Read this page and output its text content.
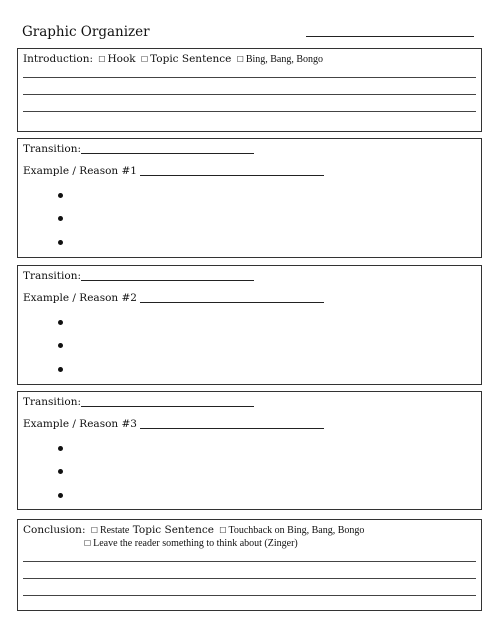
Graphic Organizer
Introduction: □ Hook □ Topic Sentence □ Bing, Bang, Bongo
Transition:
Example / Reason #1
Transition:
Example / Reason #2
Transition:
Example / Reason #3
Conclusion: □ Restate Topic Sentence □ Touchback on Bing, Bang, Bongo
□ Leave the reader something to think about (Zinger)
